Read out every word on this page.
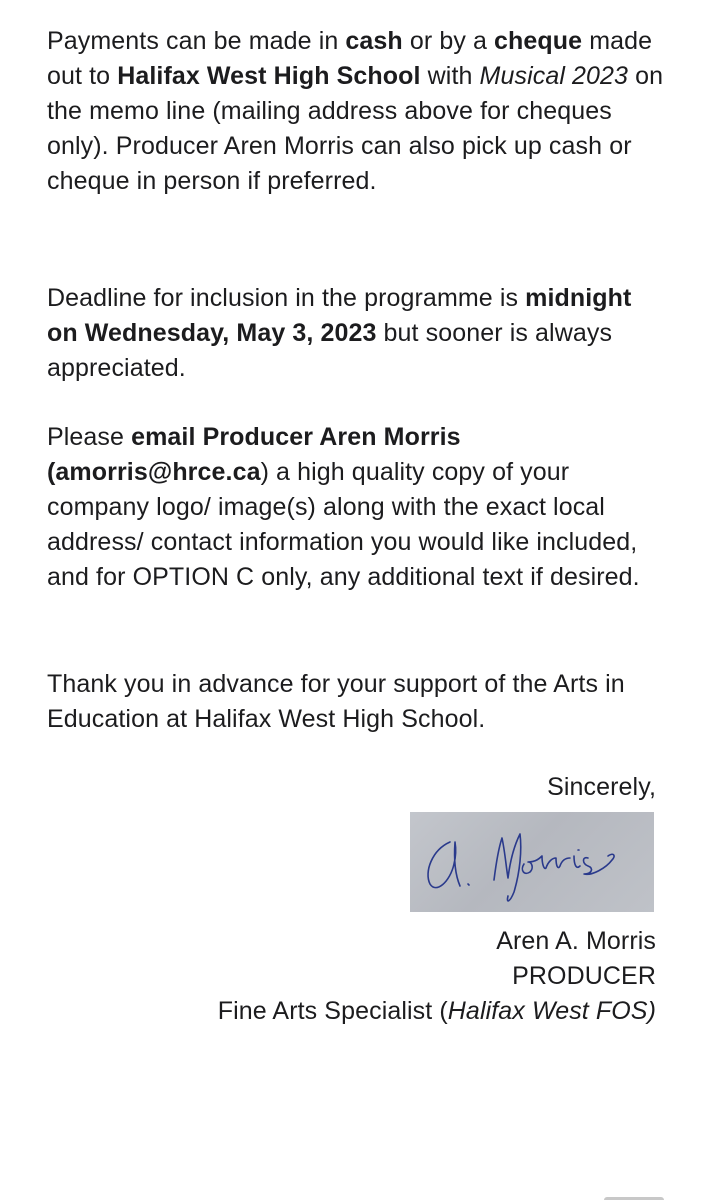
Payments can be made in cash or by a cheque made out to Halifax West High School with Musical 2023 on the memo line (mailing address above for cheques only). Producer Aren Morris can also pick up cash or cheque in person if preferred.

Deadline for inclusion in the programme is midnight on Wednesday, May 3, 2023 but sooner is always appreciated.

Please email Producer Aren Morris (amorris@hrce.ca) a high quality copy of your company logo/ image(s) along with the exact local address/ contact information you would like included, and for OPTION C only, any additional text if desired.

Thank you in advance for your support of the Arts in Education at Halifax West High School.

Sincerely,
Aren A. Morris
PRODUCER
Fine Arts Specialist (Halifax West FOS)
